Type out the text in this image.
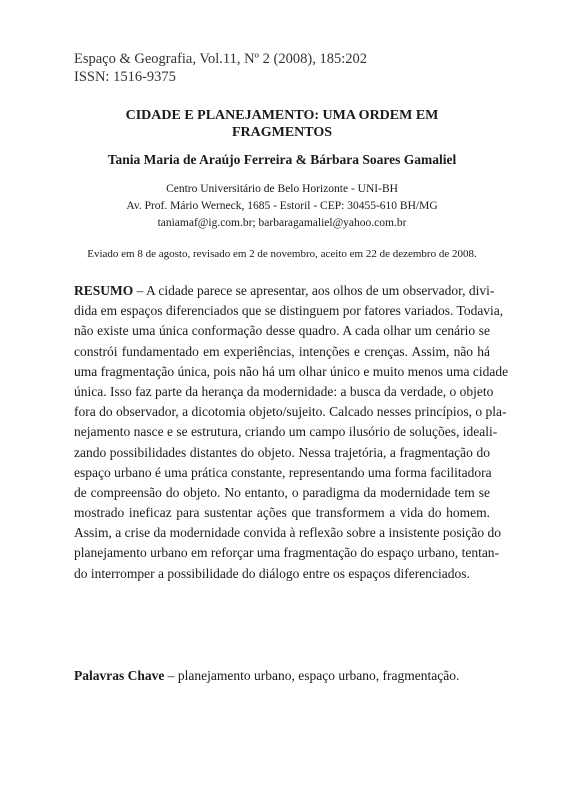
Espaço & Geografia, Vol.11, Nº 2 (2008), 185:202
ISSN: 1516-9375
CIDADE E PLANEJAMENTO: UMA ORDEM EM
FRAGMENTOS
Tania Maria de Araújo Ferreira & Bárbara Soares Gamaliel
Centro Universitário de Belo Horizonte - UNI-BH
Av. Prof. Mário Werneck, 1685 - Estoril - CEP: 30455-610 BH/MG
taniamaf@ig.com.br; barbaragamaliel@yahoo.com.br
Eviado em 8 de agosto, revisado em 2 de novembro, aceito em 22 de dezembro de 2008.
RESUMO – A cidade parece se apresentar, aos olhos de um observador, divi-
dida em espaços diferenciados que se distinguem por fatores variados. Todavia,
não existe uma única conformação desse quadro. A cada olhar um cenário se
constrói fundamentado em experiências, intenções e crenças. Assim, não há
uma fragmentação única, pois não há um olhar único e muito menos uma cidade
única. Isso faz parte da herança da modernidade: a busca da verdade, o objeto
fora do observador, a dicotomia objeto/sujeito. Calcado nesses princípios, o pla-
nejamento nasce e se estrutura, criando um campo ilusório de soluções, ideali-
zando possibilidades distantes do objeto. Nessa trajetória, a fragmentação do
espaço urbano é uma prática constante, representando uma forma facilitadora
de compreensão do objeto. No entanto, o paradigma da modernidade tem se
mostrado ineficaz para sustentar ações que transformem a vida do homem.
Assim, a crise da modernidade convida à reflexão sobre a insistente posição do
planejamento urbano em reforçar uma fragmentação do espaço urbano, tentan-
do interromper a possibilidade do diálogo entre os espaços diferenciados.
Palavras Chave – planejamento urbano, espaço urbano, fragmentação.
